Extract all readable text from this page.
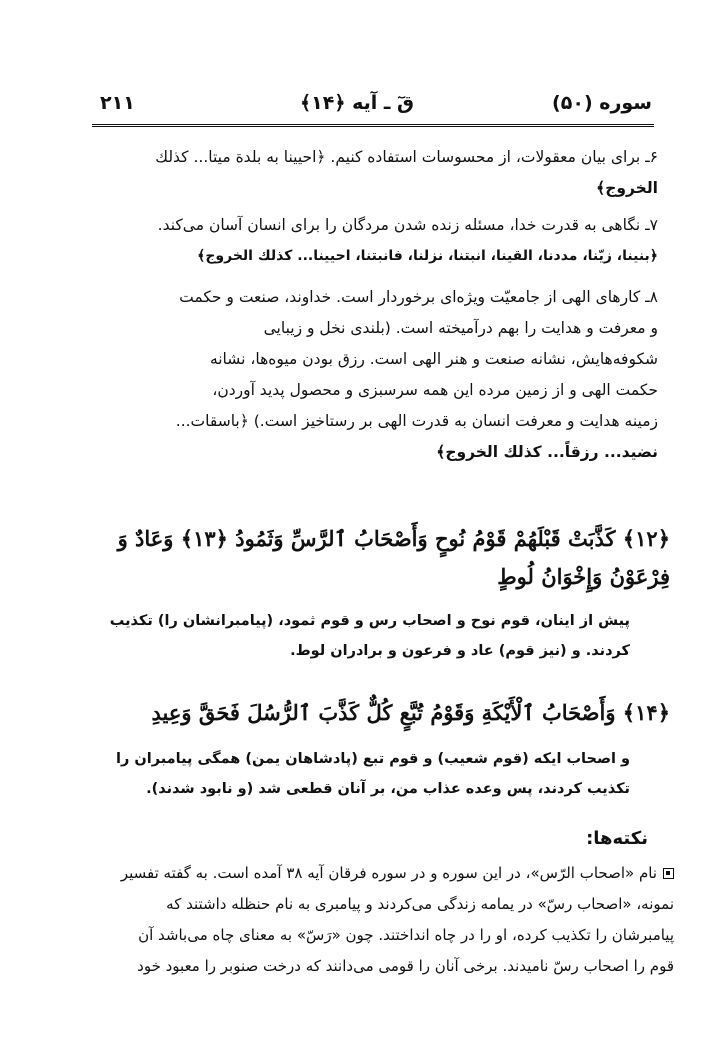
۲۱۱	قٓ ـ آیه ﴿۱۴﴾	سوره (۵۰)
۶ـ برای بیان معقولات، از محسوسات استفاده کنیم. ﴿احیینا به بلدة میتا... کذلك
الخروج﴾
۷ـ نگاهی به قدرت خدا، مسئله زنده شدن مردگان را برای انسان آسان می‌کند.
﴿بنینا، زیّنا، مددنا، القینا، انبتنا، نزلنا، فانبتنا، احیینا... کذلك الخروج﴾
۸ـ کارهای الهی از جامعیّت ویژه‌ای برخوردار است. خداوند، صنعت و حکمت
و معرفت و هدایت را بهم درآمیخته است. (بلندی نخل و زیبایی
شکوفه‌هایش، نشانه صنعت و هنر الهی است. رزق بودن میوه‌ها، نشانه
حکمت الهی و از زمین مرده این همه سرسبزی و محصول پدید آوردن،
زمینه هدایت و معرفت انسان به قدرت الهی بر رستاخیز است.) ﴿باسقات...
نضید... رزقاً... کذلك الخروج﴾
﴿۱۲﴾ كَذَّبَتْ قَبْلَهُمْ قَوْمُ نُوحٍ وَأَصْحَابُ ٱلرَّسِّ وَثَمُودُ ﴿۱۳﴾ وَعَادٌ وَ
فِرْعَوْنُ وَإِخْوَانُ لُوطٍ
پیش از اینان، قوم نوح و اصحاب رس و قوم ثمود، (پیامبرانشان را) تکذیب
کردند. و (نیز قوم) عاد و فرعون و برادران لوط.
﴿۱۴﴾ وَأَصْحَابُ ٱلْأَيْكَةِ وَقَوْمُ تُبَّعٍ كُلٌّ كَذَّبَ ٱلرُّسُلَ فَحَقَّ وَعِيدِ
و اصحاب ایکه (قوم شعیب) و قوم تبع (پادشاهان یمن) همگی پیامبران را
تکذیب کردند، پس وعده عذاب من، بر آنان قطعی شد (و نابود شدند).
نکته‌ها:
نام «اصحاب الرّس»، در این سوره و در سوره فرقان آیه ۳۸ آمده است. به گفته تفسیر
نمونه، «اصحاب رسّ» در یمامه زندگی می‌کردند و پیامبری به نام حنظله داشتند که
پیامبرشان را تکذیب کرده، او را در چاه انداختند. چون «رَسّ» به معنای چاه می‌باشد آن
قوم را اصحاب رسّ نامیدند. برخی آنان را قومی می‌دانند که درخت صنوبر را معبود خود
